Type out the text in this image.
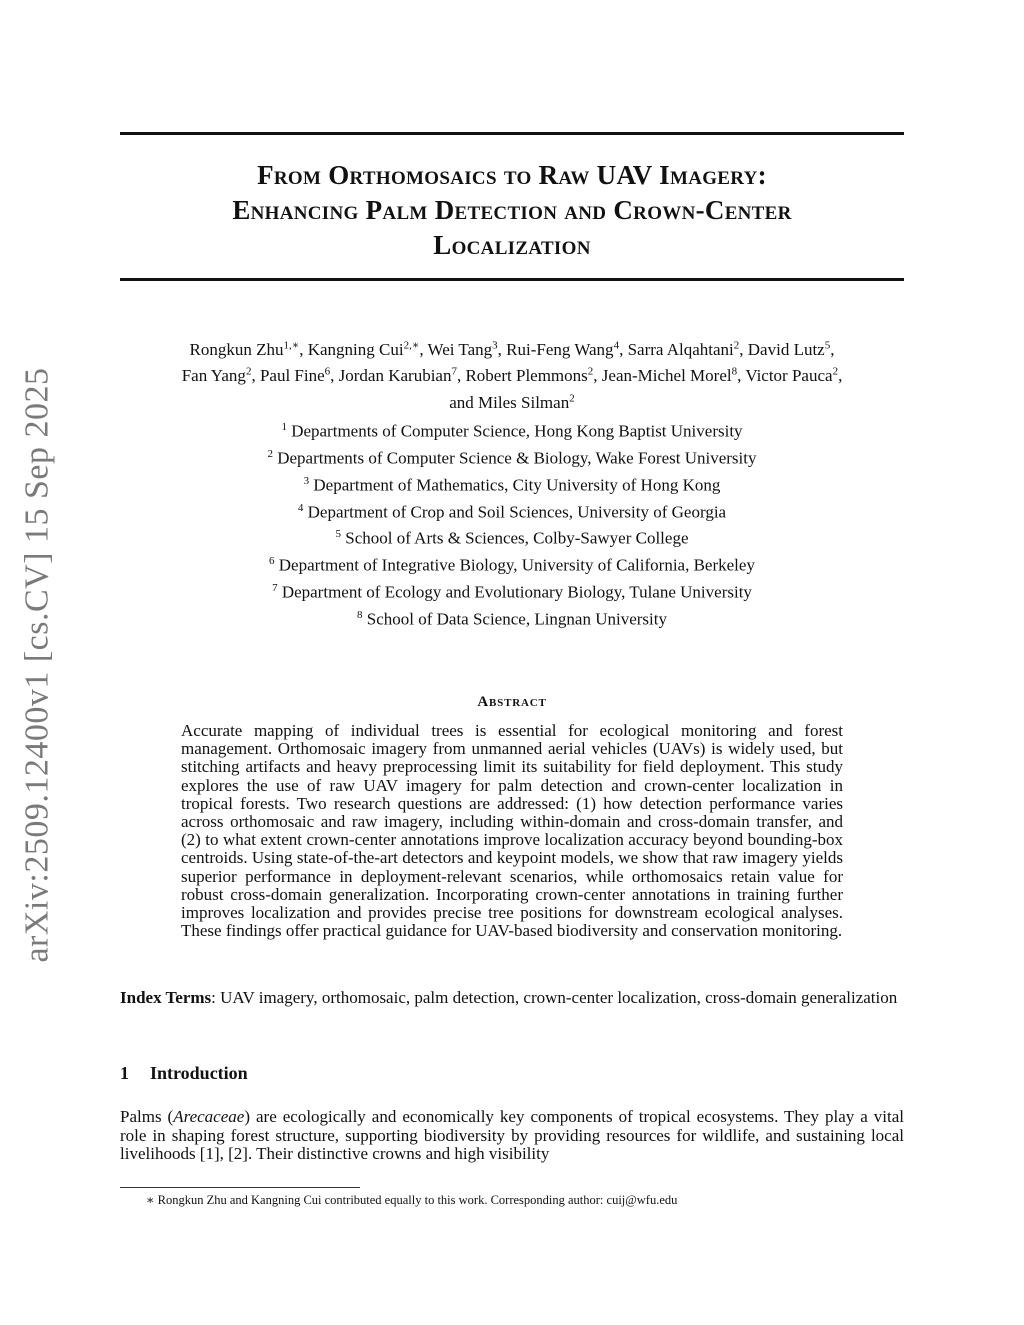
arXiv:2509.12400v1 [cs.CV] 15 Sep 2025
From Orthomosaics to Raw UAV Imagery:
Enhancing Palm Detection and Crown-Center
Localization
Rongkun Zhu$^{1,∗}$, Kangning Cui$^{2,∗}$, Wei Tang$^3$, Rui-Feng Wang$^4$, Sarra Alqahtani$^2$, David Lutz$^5$,
Fan Yang$^2$, Paul Fine$^6$, Jordan Karubian$^7$, Robert Plemmons$^2$, Jean-Michel Morel$^8$, Victor Pauca$^2$,
and Miles Silman$^2$
$^1$ Departments of Computer Science, Hong Kong Baptist University
$^2$ Departments of Computer Science & Biology, Wake Forest University
$^3$ Department of Mathematics, City University of Hong Kong
$^4$ Department of Crop and Soil Sciences, University of Georgia
$^5$ School of Arts & Sciences, Colby-Sawyer College
$^6$ Department of Integrative Biology, University of California, Berkeley
$^7$ Department of Ecology and Evolutionary Biology, Tulane University
$^8$ School of Data Science, Lingnan University
Abstract
Accurate mapping of individual trees is essential for ecological monitoring and forest management. Orthomosaic imagery from unmanned aerial vehicles (UAVs) is widely used, but stitching artifacts and heavy preprocessing limit its suitability for field deployment. This study explores the use of raw UAV imagery for palm detection and crown-center localization in tropical forests. Two research questions are addressed: (1) how detection performance varies across orthomosaic and raw imagery, including within-domain and cross-domain transfer, and (2) to what extent crown-center annotations improve localization accuracy beyond bounding-box centroids. Using state-of-the-art detectors and keypoint models, we show that raw imagery yields superior performance in deployment-relevant scenarios, while orthomosaics retain value for robust cross-domain generalization. Incorporating crown-center annotations in training further improves localization and provides precise tree positions for downstream ecological analyses. These findings offer practical guidance for UAV-based biodiversity and conservation monitoring.
Index Terms: UAV imagery, orthomosaic, palm detection, crown-center localization, cross-domain generalization
1 Introduction
Palms (Arecaceae) are ecologically and economically key components of tropical ecosystems. They play a vital role in shaping forest structure, supporting biodiversity by providing resources for wildlife, and sustaining local livelihoods [1], [2]. Their distinctive crowns and high visibility
∗ Rongkun Zhu and Kangning Cui contributed equally to this work. Corresponding author: cuij@wfu.edu
